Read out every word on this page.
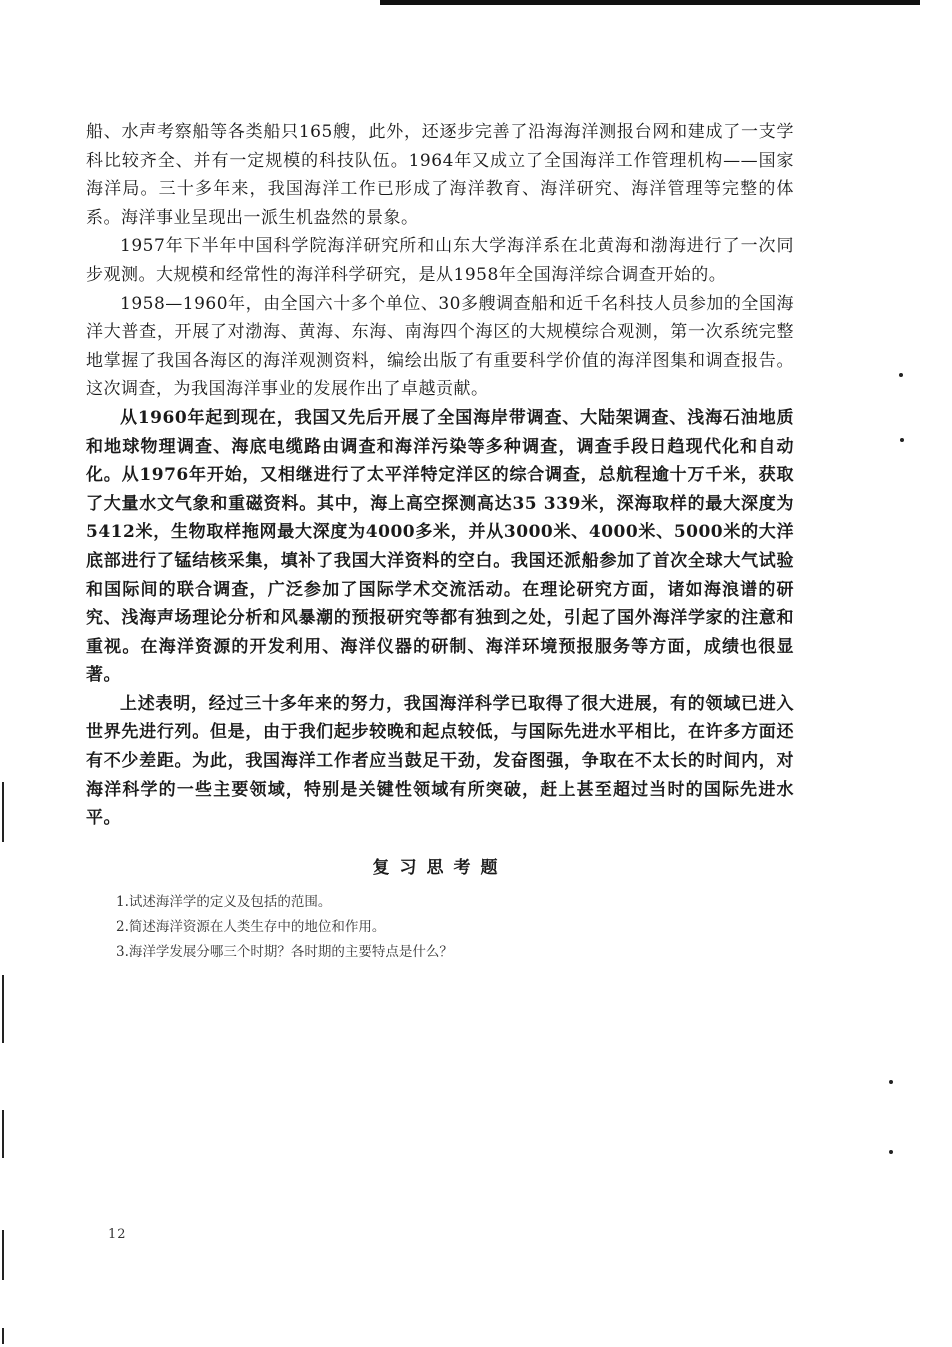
船、水声考察船等各类船只165艘，此外，还逐步完善了沿海海洋测报台网和建成了一支学科比较齐全、并有一定规模的科技队伍。1964年又成立了全国海洋工作管理机构——国家海洋局。三十多年来，我国海洋工作已形成了海洋教育、海洋研究、海洋管理等完整的体系。海洋事业呈现出一派生机盎然的景象。

1957年下半年中国科学院海洋研究所和山东大学海洋系在北黄海和渤海进行了一次同步观测。大规模和经常性的海洋科学研究，是从1958年全国海洋综合调查开始的。

1958—1960年，由全国六十多个单位、30多艘调查船和近千名科技人员参加的全国海洋大普查，开展了对渤海、黄海、东海、南海四个海区的大规模综合观测，第一次系统完整地掌握了我国各海区的海洋观测资料，编绘出版了有重要科学价值的海洋图集和调查报告。这次调查，为我国海洋事业的发展作出了卓越贡献。

从1960年起到现在，我国又先后开展了全国海岸带调查、大陆架调查、浅海石油地质和地球物理调查、海底电缆路由调查和海洋污染等多种调查，调查手段日趋现代化和自动化。从1976年开始，又相继进行了太平洋特定洋区的综合调查，总航程逾十万千米，获取了大量水文气象和重磁资料。其中，海上高空探测高达35 339米，深海取样的最大深度为5412米，生物取样拖网最大深度为4000多米，并从3000米、4000米、5000米的大洋底部进行了锰结核采集，填补了我国大洋资料的空白。我国还派船参加了首次全球大气试验和国际间的联合调查，广泛参加了国际学术交流活动。在理论研究方面，诸如海浪谱的研究、浅海声场理论分析和风暴潮的预报研究等都有独到之处，引起了国外海洋学家的注意和重视。在海洋资源的开发利用、海洋仪器的研制、海洋环境预报服务等方面，成绩也很显著。

上述表明，经过三十多年来的努力，我国海洋科学已取得了很大进展，有的领域已进入世界先进行列。但是，由于我们起步较晚和起点较低，与国际先进水平相比，在许多方面还有不少差距。为此，我国海洋工作者应当鼓足干劲，发奋图强，争取在不太长的时间内，对海洋科学的一些主要领域，特别是关键性领域有所突破，赶上甚至超过当时的国际先进水平。

复习思考题
1.试述海洋学的定义及包括的范围。
2.简述海洋资源在人类生存中的地位和作用。
3.海洋学发展分哪三个时期？各时期的主要特点是什么？
12
